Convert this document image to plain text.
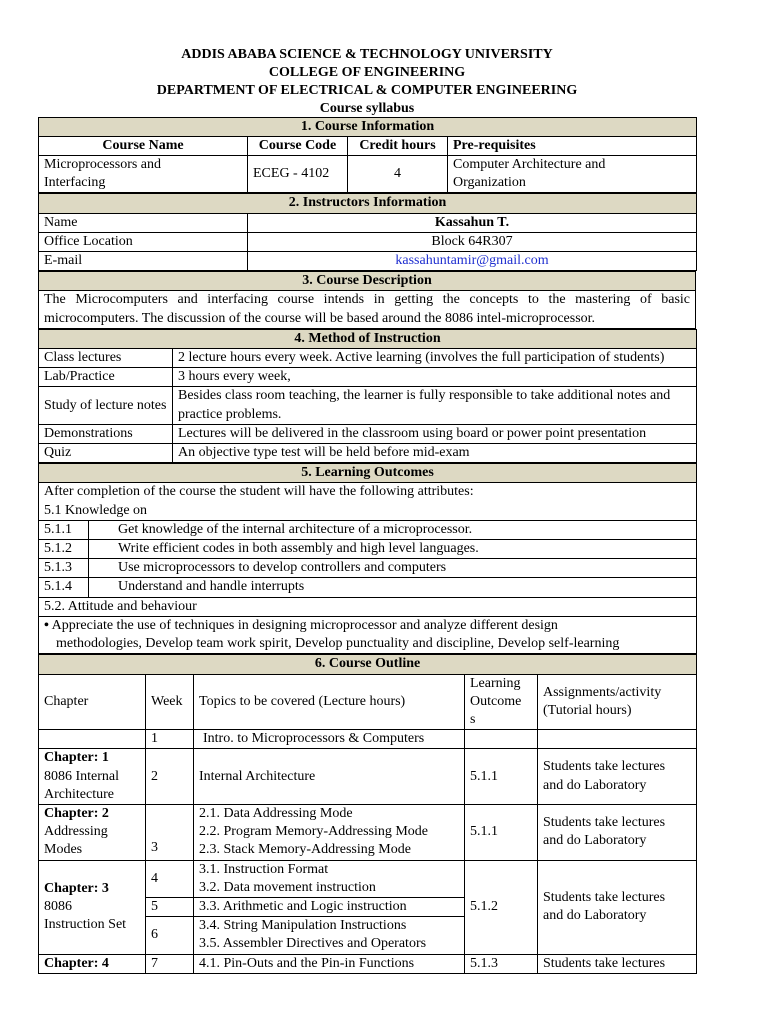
ADDIS ABABA SCIENCE & TECHNOLOGY UNIVERSITY
COLLEGE OF ENGINEERING
DEPARTMENT OF ELECTRICAL & COMPUTER ENGINEERING
Course syllabus
1. Course Information			
Course Name	Course Code	Credit hours	Pre-requisites
Microprocessors and
Interfacing	ECEG - 4102	4	Computer Architecture and
Organization
2. Instructors Information	
Name	Kassahun T.
Office Location	Block 64R307
E-mail	kassahuntamir@gmail.com
3. Course Description
The Microcomputers and interfacing course intends in getting the concepts to the mastering of basic microcomputers. The discussion of the course will be based around the 8086 intel-microprocessor.
4. Method of Instruction	
Class lectures	2 lecture hours every week. Active learning (involves the full participation of students)
Lab/Practice	3 hours every week,
Study of lecture notes	Besides class room teaching, the learner is fully responsible to take additional notes and practice problems.
Demonstrations	Lectures will be delivered in the classroom using board or power point presentation
Quiz	An objective type test will be held before mid-exam
5. Learning Outcomes	
After completion of the course the student will have the following attributes:
5.1 Knowledge on	
5.1.1	Get knowledge of the internal architecture of a microprocessor.
5.1.2	Write efficient codes in both assembly and high level languages.
5.1.3	Use microprocessors to develop controllers and computers
5.1.4	Understand and handle interrupts
5.2. Attitude and behaviour	
• Appreciate the use of techniques in designing microprocessor and analyze different design
methodologies, Develop team work spirit, Develop punctuality and discipline, Develop self-learning	
6. Course Outline				
Chapter	Week	Topics to be covered (Lecture hours)	Learning
Outcome
s	Assignments/activity
(Tutorial hours)
	1	Intro. to Microprocessors & Computers		
Chapter: 1
8086 Internal
Architecture	2	Internal Architecture	5.1.1	Students take lectures
and do Laboratory
Chapter: 2
Addressing
Modes	3	2.1. Data Addressing Mode
2.2. Program Memory-Addressing Mode
2.3. Stack Memory-Addressing Mode	5.1.1	Students take lectures
and do Laboratory
Chapter: 3
8086
Instruction Set	4	3.1. Instruction Format
3.2. Data movement instruction	5.1.2	Students take lectures
and do Laboratory
	5	3.3. Arithmetic and Logic instruction		
	6	3.4. String Manipulation Instructions
3.5. Assembler Directives and Operators		
Chapter: 4	7	4.1. Pin-Outs and the Pin-in Functions	5.1.3	Students take lectures
